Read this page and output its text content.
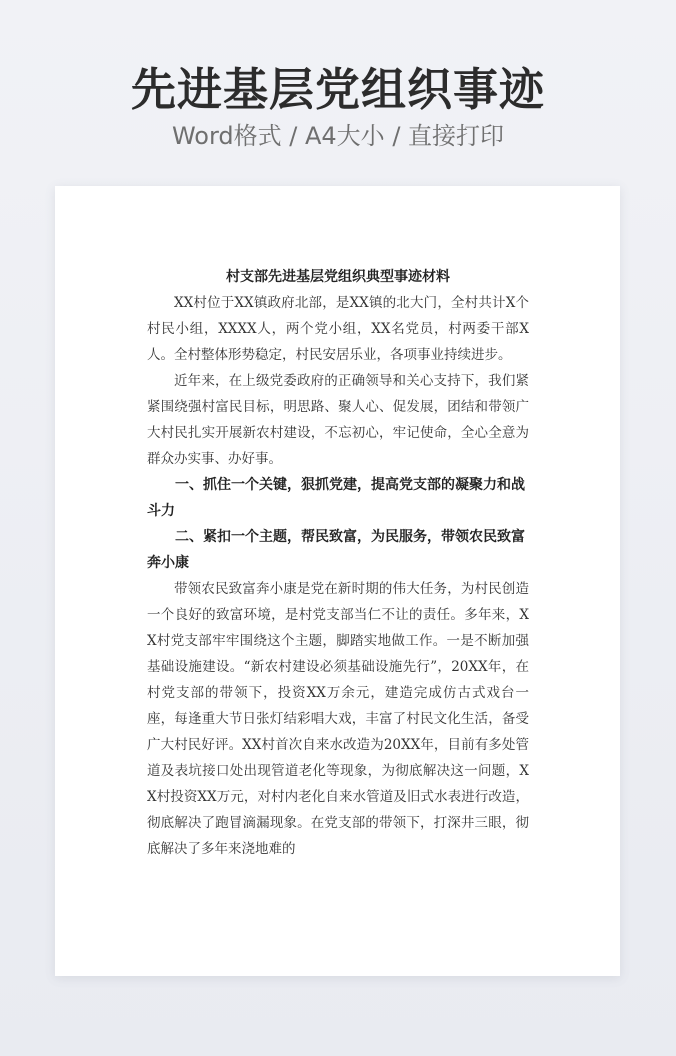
先进基层党组织事迹
Word格式 / A4大小 / 直接打印
村支部先进基层党组织典型事迹材料

XX村位于XX镇政府北部，是XX镇的北大门，全村共计X个村民小组，XXXX人，两个党小组，XX名党员，村两委干部X人。全村整体形势稳定，村民安居乐业，各项事业持续进步。

近年来，在上级党委政府的正确领导和关心支持下，我们紧紧围绕强村富民目标，明思路、聚人心、促发展，团结和带领广大村民扎实开展新农村建设，不忘初心，牢记使命，全心全意为群众办实事、办好事。

一、抓住一个关键，狠抓党建，提高党支部的凝聚力和战斗力

二、紧扣一个主题，帮民致富，为民服务，带领农民致富奔小康

带领农民致富奔小康是党在新时期的伟大任务，为村民创造一个良好的致富环境，是村党支部当仁不让的责任。多年来，XX村党支部牢牢围绕这个主题，脚踏实地做工作。一是不断加强基础设施建设。“新农村建设必须基础设施先行”，20XX年，在村党支部的带领下，投资XX万余元，建造完成仿古式戏台一座，每逢重大节日张灯结彩唱大戏，丰富了村民文化生活，备受广大村民好评。XX村首次自来水改造为20XX年，目前有多处管道及表坑接口处出现管道老化等现象，为彻底解决这一问题，XX村投资XX万元，对村内老化自来水管道及旧式水表进行改造，彻底解决了跑冒滴漏现象。在党支部的带领下，打深井三眼，彻底解决了多年来浇地难的
